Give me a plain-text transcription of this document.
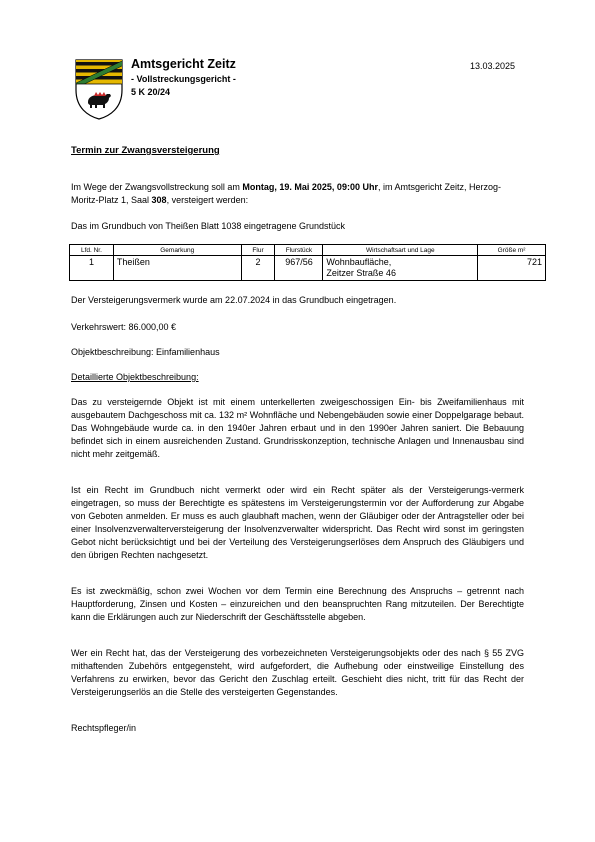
Amtsgericht Zeitz
- Vollstreckungsgericht -
5 K 20/24
13.03.2025
Termin zur Zwangsversteigerung
Im Wege der Zwangsvollstreckung soll am Montag, 19. Mai 2025, 09:00 Uhr, im Amtsgericht Zeitz, Herzog-Moritz-Platz 1, Saal 308, versteigert werden:
Das im Grundbuch von Theißen Blatt 1038 eingetragene Grundstück
Lfd. Nr.	Gemarkung	Flur	Flurstück	Wirtschaftsart und Lage	Größe m²
1	Theißen	2	967/56	Wohnbaufläche,
Zeitzer Straße 46	721
Der Versteigerungsvermerk wurde am 22.07.2024 in das Grundbuch eingetragen.
Verkehrswert: 86.000,00 €
Objektbeschreibung: Einfamilienhaus
Detaillierte Objektbeschreibung:
Das zu versteigernde Objekt ist mit einem unterkellerten zweigeschossigen Ein- bis Zweifamilienhaus mit ausgebautem Dachgeschoss mit ca. 132 m² Wohnfläche und Nebengebäuden sowie einer Doppelgarage bebaut. Das Wohngebäude wurde ca. in den 1940er Jahren erbaut und in den 1990er Jahren saniert. Die Bebauung befindet sich in einem ausreichenden Zustand. Grundrisskonzeption, technische Anlagen und Innenausbau sind nicht mehr zeitgemäß.
Ist ein Recht im Grundbuch nicht vermerkt oder wird ein Recht später als der Versteigerungs-vermerk eingetragen, so muss der Berechtigte es spätestens im Versteigerungstermin vor der Aufforderung zur Abgabe von Geboten anmelden. Er muss es auch glaubhaft machen, wenn der Gläubiger oder der Antragsteller oder bei einer Insolvenzverwalterversteigerung der Insolvenzverwalter widerspricht. Das Recht wird sonst im geringsten Gebot nicht berücksichtigt und bei der Verteilung des Versteigerungserlöses dem Anspruch des Gläubigers und den übrigen Rechten nachgesetzt.
Es ist zweckmäßig, schon zwei Wochen vor dem Termin eine Berechnung des Anspruchs – getrennt nach Hauptforderung, Zinsen und Kosten – einzureichen und den beanspruchten Rang mitzuteilen. Der Berechtigte kann die Erklärungen auch zur Niederschrift der Geschäftsstelle abgeben.
Wer ein Recht hat, das der Versteigerung des vorbezeichneten Versteigerungsobjekts oder des nach § 55 ZVG mithaftenden Zubehörs entgegensteht, wird aufgefordert, die Aufhebung oder einstweilige Einstellung des Verfahrens zu erwirken, bevor das Gericht den Zuschlag erteilt. Geschieht dies nicht, tritt für das Recht der Versteigerungserlös an die Stelle des versteigerten Gegenstandes.
Rechtspfleger/in
